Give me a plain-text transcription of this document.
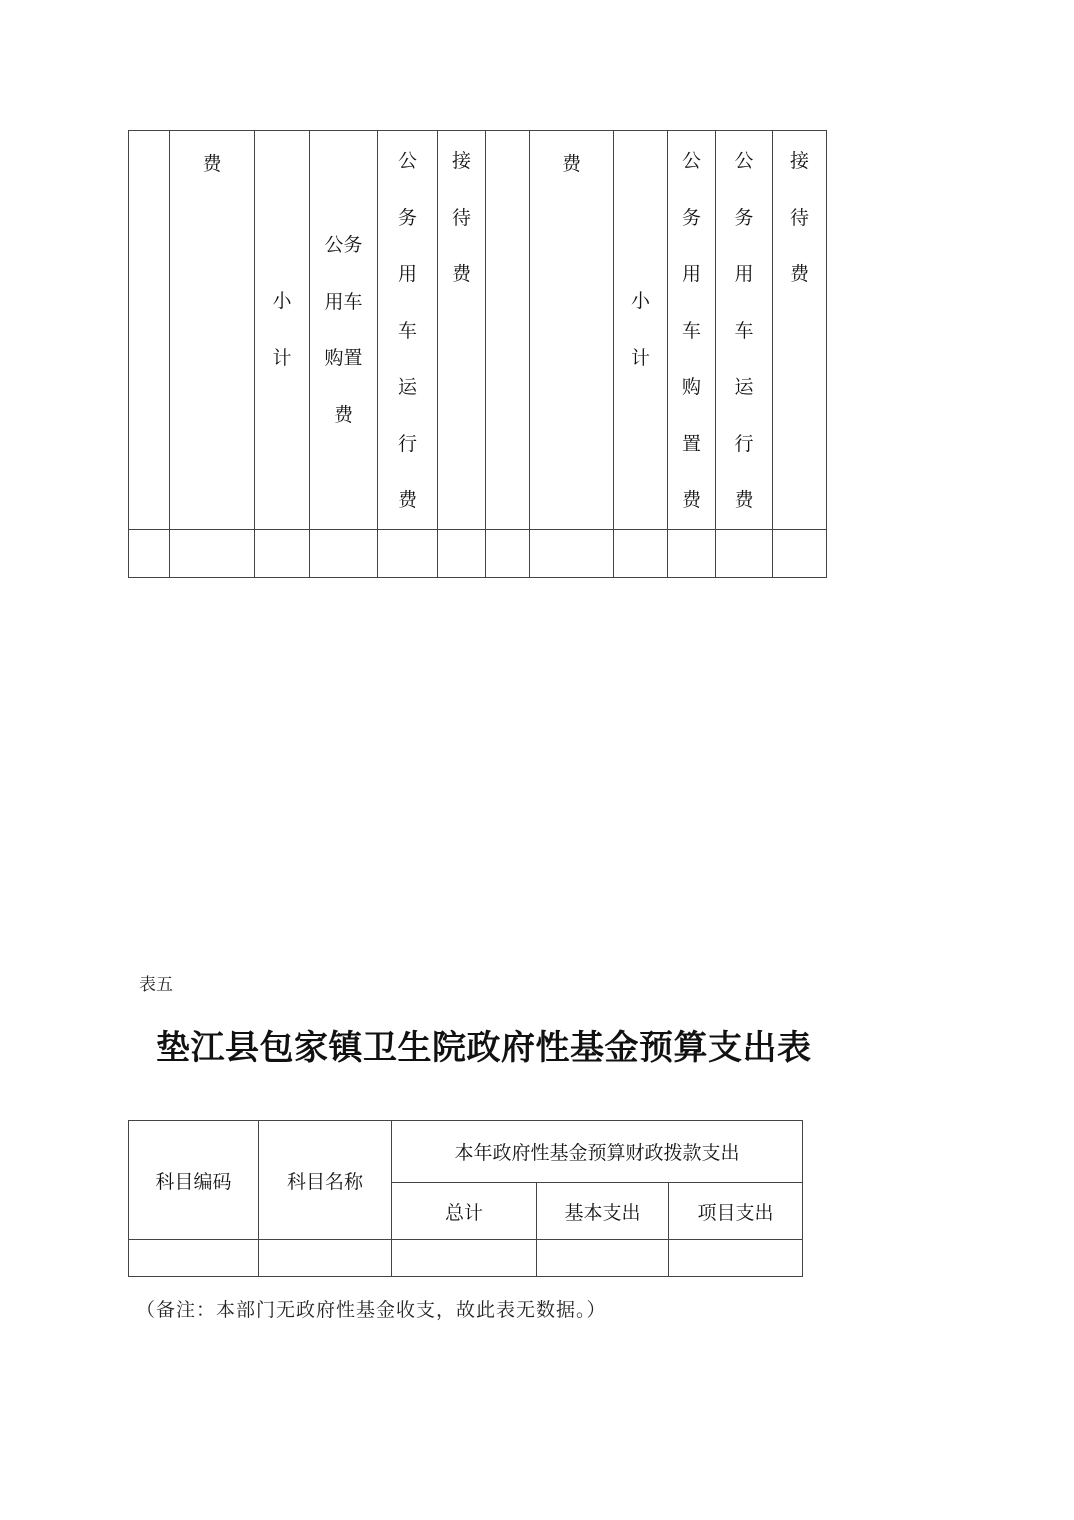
	费	小计	公务用车购置费	公务用车运行费	接待费		费	小计	公务用车购置费	公务用车运行费	接待费

表五
垫江县包家镇卫生院政府性基金预算支出表
科目编码	科目名称	本年政府性基金预算财政拨款支出		
		总计	基本支出	项目支出

（备注：本部门无政府性基金收支，故此表无数据。）
